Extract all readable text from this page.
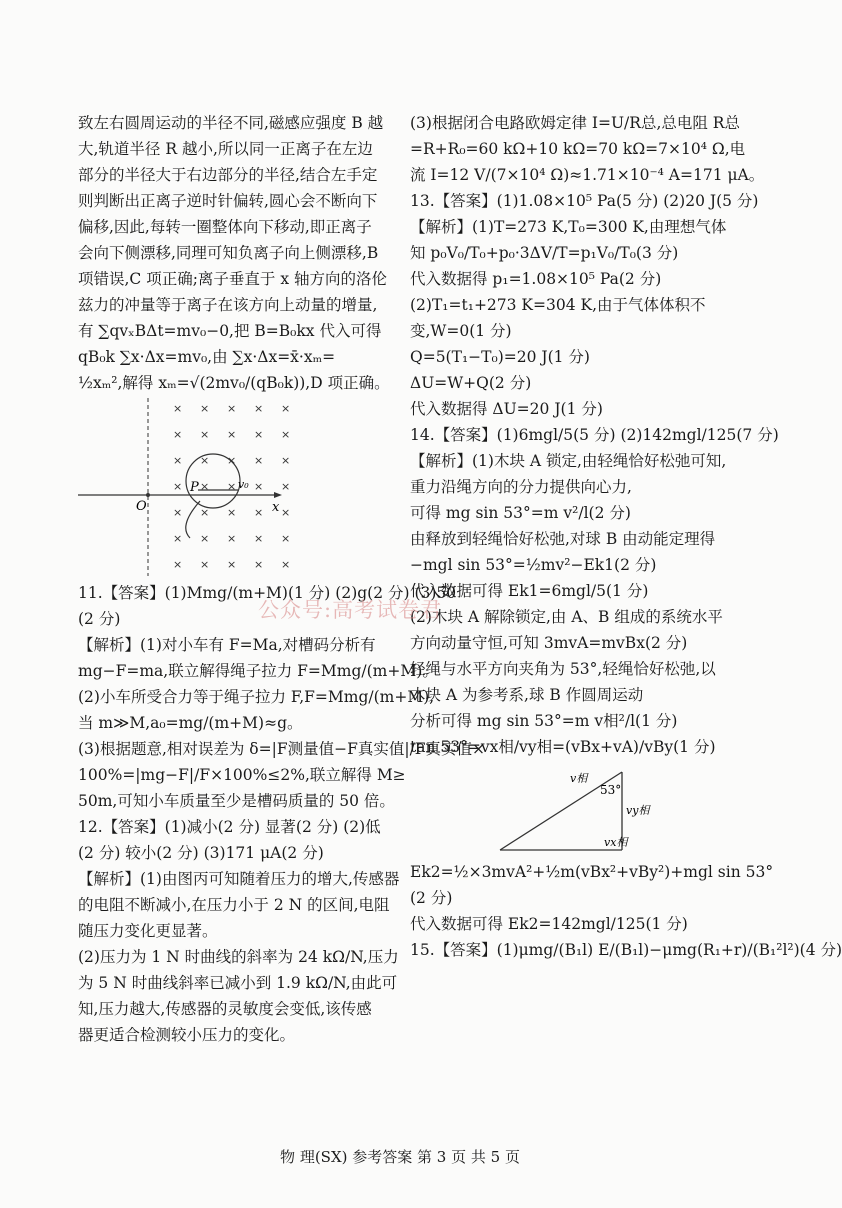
致左右圆周运动的半径不同,磁感应强度 B 越
大,轨道半径 R 越小,所以同一正离子在左边
部分的半径大于右边部分的半径,结合左手定
则判断出正离子逆时针偏转,圆心会不断向下
偏移,因此,每转一圈整体向下移动,即正离子
会向下侧漂移,同理可知负离子向上侧漂移,B
项错误,C 项正确;离子垂直于 x 轴方向的洛伦
兹力的冲量等于离子在该方向上动量的增量,
有 ∑qvₓBΔt=mv₀−0,把 B=B₀kx 代入可得
qB₀k ∑x·Δx=mv₀,由 ∑x·Δx=x̄·xₘ=
½xₘ²,解得 xₘ=√(2mv₀/(qB₀k)),D 项正确。
× × × × ×
× × × × ×
× × × × ×
× × × × ×
× × × × ×
× × × × ×
× × × × ×
O	x
P	v₀
11.【答案】(1)Mmg/(m+M)(1 分) (2)g(2 分) (3)50
(2 分)
【解析】(1)对小车有 F=Ma,对槽码分析有
mg−F=ma,联立解得绳子拉力 F=Mmg/(m+M)。
(2)小车所受合力等于绳子拉力 F,F=Mmg/(m+M),
当 m≫M,a₀=mg/(m+M)≈g。
(3)根据题意,相对误差为 δ=|F测量值−F真实值|/F真实值×
100%=|mg−F|/F×100%≤2%,联立解得 M≥
50m,可知小车质量至少是槽码质量的 50 倍。
12.【答案】(1)减小(2 分) 显著(2 分) (2)低
(2 分) 较小(2 分) (3)171 μA(2 分)
【解析】(1)由图丙可知随着压力的增大,传感器
的电阻不断减小,在压力小于 2 N 的区间,电阻
随压力变化更显著。
(2)压力为 1 N 时曲线的斜率为 24 kΩ/N,压力
为 5 N 时曲线斜率已减小到 1.9 kΩ/N,由此可
知,压力越大,传感器的灵敏度会变低,该传感
器更适合检测较小压力的变化。
(3)根据闭合电路欧姆定律 I=U/R总,总电阻 R总
=R+R₀=60 kΩ+10 kΩ=70 kΩ=7×10⁴ Ω,电
流 I=12 V/(7×10⁴ Ω)≈1.71×10⁻⁴ A=171 μA。
13.【答案】(1)1.08×10⁵ Pa(5 分) (2)20 J(5 分)
【解析】(1)T=273 K,T₀=300 K,由理想气体
知 p₀V₀/T₀+p₀·3ΔV/T=p₁V₀/T₀(3 分)
代入数据得 p₁=1.08×10⁵ Pa(2 分)
(2)T₁=t₁+273 K=304 K,由于气体体积不
变,W=0(1 分)
Q=5(T₁−T₀)=20 J(1 分)
ΔU=W+Q(2 分)
代入数据得 ΔU=20 J(1 分)
14.【答案】(1)6mgl/5(5 分) (2)142mgl/125(7 分)
【解析】(1)木块 A 锁定,由轻绳恰好松弛可知,
重力沿绳方向的分力提供向心力,
可得 mg sin 53°=m v²/l(2 分)
由释放到轻绳恰好松弛,对球 B 由动能定理得
−mgl sin 53°=½mv²−Ek1(2 分)
代入数据可得 Ek1=6mgl/5(1 分)
(2)木块 A 解除锁定,由 A、B 组成的系统水平
方向动量守恒,可知 3mvA=mvBx(2 分)
轻绳与水平方向夹角为 53°,轻绳恰好松弛,以
木块 A 为参考系,球 B 作圆周运动
分析可得 mg sin 53°=m v相²/l(1 分)
tan 53°=vx相/vy相=(vBx+vA)/vBy(1 分)
v相
53°
vy相
vx相
Ek2=½×3mvA²+½m(vBx²+vBy²)+mgl sin 53°
(2 分)
代入数据可得 Ek2=142mgl/125(1 分)
15.【答案】(1)μmg/(B₁l) E/(B₁l)−μmg(R₁+r)/(B₁²l²)(4 分)
公众号:高考试卷君
物 理(SX) 参考答案 第 3 页 共 5 页
